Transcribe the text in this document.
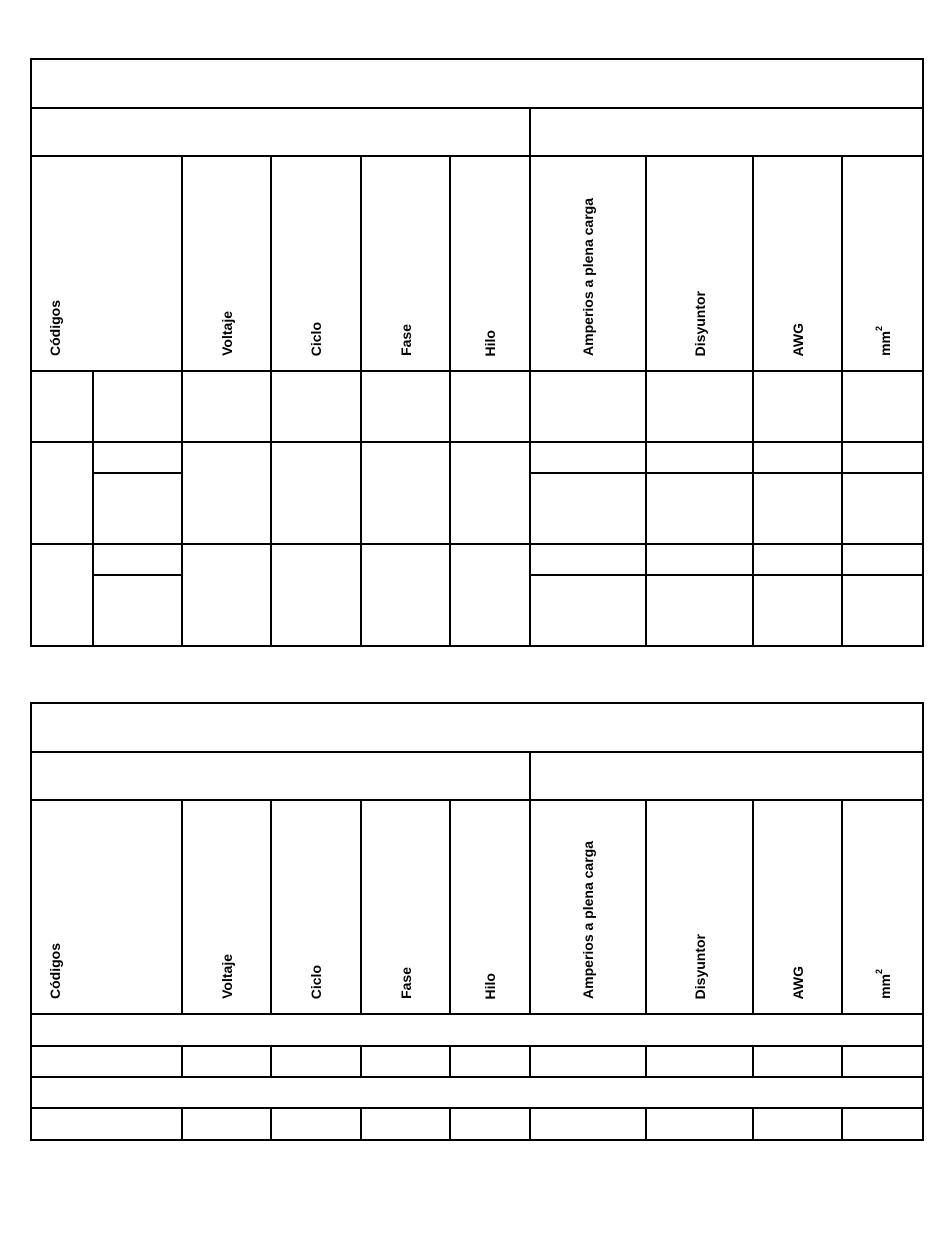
Códigos		Voltaje	Ciclo	Fase	Hilo	Amperios a plena carga	Disyuntor	AWG	$mm^2$

Códigos	Voltaje	Ciclo	Fase	Hilo	Amperios a plena carga	Disyuntor	AWG	$mm^2$
